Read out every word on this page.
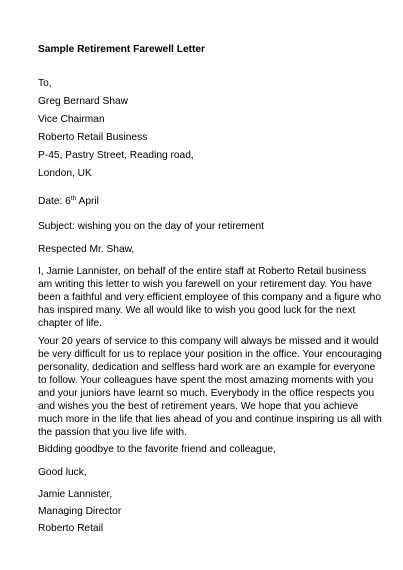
Sample Retirement Farewell Letter
To,
Greg Bernard Shaw
Vice Chairman
Roberto Retail Business
P-45, Pastry Street, Reading road,
London, UK
Date: 6th April
Subject: wishing you on the day of your retirement
Respected Mr. Shaw,
I, Jamie Lannister, on behalf of the entire staff at Roberto Retail business
am writing this letter to wish you farewell on your retirement day. You have
been a faithful and very efficient employee of this company and a figure who
has inspired many. We all would like to wish you good luck for the next
chapter of life.
Your 20 years of service to this company will always be missed and it would
be very difficult for us to replace your position in the office. Your encouraging
personality, dedication and selfless hard work are an example for everyone
to follow. Your colleagues have spent the most amazing moments with you
and your juniors have learnt so much. Everybody in the office respects you
and wishes you the best of retirement years. We hope that you achieve
much more in the life that lies ahead of you and continue inspiring us all with
the passion that you live life with.
Bidding goodbye to the favorite friend and colleague,
Good luck,
Jamie Lannister,
Managing Director
Roberto Retail
